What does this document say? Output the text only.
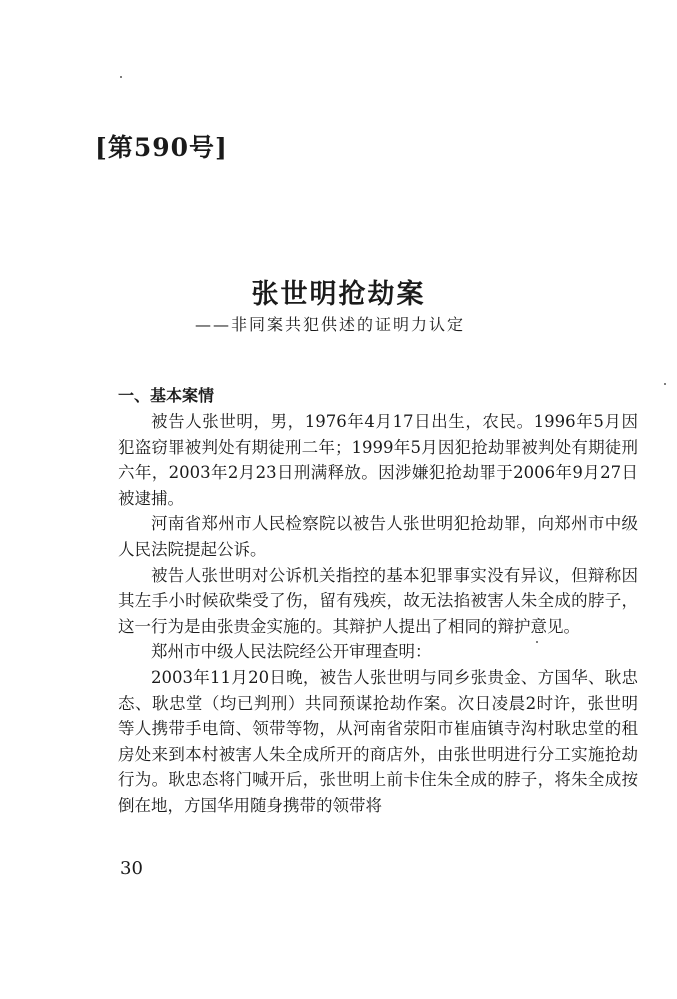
[第590号]
张世明抢劫案
——非同案共犯供述的证明力认定
一、基本案情

被告人张世明，男，1976年4月17日出生，农民。1996年5月因犯盗窃罪被判处有期徒刑二年；1999年5月因犯抢劫罪被判处有期徒刑六年，2003年2月23日刑满释放。因涉嫌犯抢劫罪于2006年9月27日被逮捕。

河南省郑州市人民检察院以被告人张世明犯抢劫罪，向郑州市中级人民法院提起公诉。

被告人张世明对公诉机关指控的基本犯罪事实没有异议，但辩称因其左手小时候砍柴受了伤，留有残疾，故无法掐被害人朱全成的脖子，这一行为是由张贵金实施的。其辩护人提出了相同的辩护意见。

郑州市中级人民法院经公开审理查明：

2003年11月20日晚，被告人张世明与同乡张贵金、方国华、耿忠态、耿忠堂（均已判刑）共同预谋抢劫作案。次日凌晨2时许，张世明等人携带手电筒、领带等物，从河南省荥阳市崔庙镇寺沟村耿忠堂的租房处来到本村被害人朱全成所开的商店外，由张世明进行分工实施抢劫行为。耿忠态将门喊开后，张世明上前卡住朱全成的脖子，将朱全成按倒在地，方国华用随身携带的领带将

30
